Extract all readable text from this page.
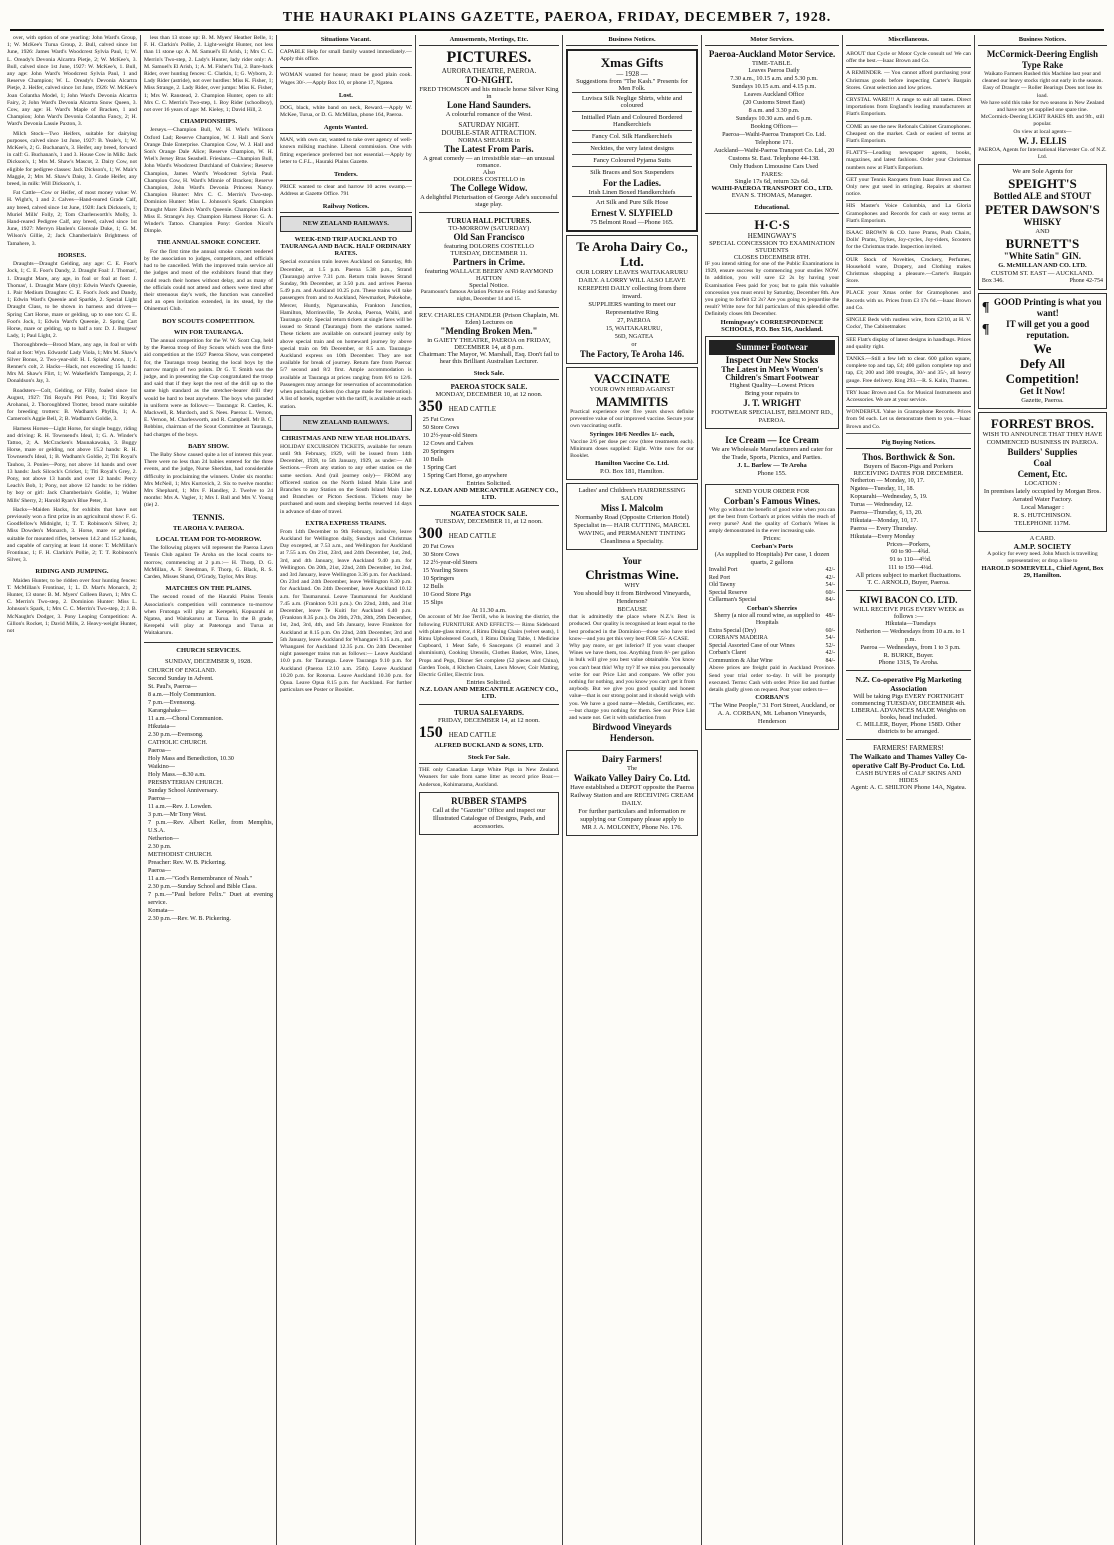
THE HAURAKI PLAINS GAZETTE, PAEROA, FRIDAY, DECEMBER 7, 1928.

over, with option of one yearling: John Ward's Group, 1; W. McKee's Turua Group, 2. Bull, calved since 1st June, 1926: James Ward's Woodcrest Sylvia Paul, 1; W. L. Oready's Devonia Alcartra Pietje, 2; W. McKee's, 3. Bull, calved since 1st June, 1927: W. McKee's, 1. Bull, any age: John Ward's Woodcrest Sylvia Paul, 1 and Reserve Champion; W. L. Oready's Devonia Alcartra Pietje, 2. Heifer, calved since 1st June, 1926: W. McKee's Joan Colantha Model, 1; John Ward's Devonia Alcartra Fairy, 2; John Ward's Devonia Alcartra Snow Queen, 3. Cow, any age: H. Ward's Maple of Bracken, 1 and Champion; John Ward's Devonia Colantha Fancy, 2; H. Ward's Devonia Lassie Paxton, 3.

Milch Stock—Two Heifers, suitable for dairying purposes, calved since 1st June, 1927: B. Yeale's, 1; W. McKee's, 2; G. Buchanan's, 3. Heifer, any breed, forward in calf: G. Buchanan's, 1 and 3. House Cow in Milk: Jack Dickson's, 1; Mrs M. Shaw's Mascot, 2. Dairy Cow, not eligible for pedigree classes: Jack Dickson's, 1; W. Mair's Maggie, 2; Mrs M. Shaw's Daisy, 3. Grade Heifer, any breed, in milk: Will Dickson's, 1.

Fat Cattle—Cow or Heifer, of most money value: W. H. Wight's, 1 and 2. Calves—Hand-reared Grade Calf, any breed, calved since 1st June, 1928: Jack Dickson's, 1; Muriel Mills' Folly, 2; Tom Charlesworth's Molly, 3. Hand-reared Pedigree Calf, any breed, calved since 1st June, 1927: Mervyn Hanlen's Glenvale Duke, 1; G. M. Wilson's Gillie, 2; Jack Chamberlain's Brightness of Tamahere, 3.

HORSES.

Draughts—Draught Gelding, any age: C. E. Foot's Jock, 1; C. E. Foot's Dandy, 2. Draught Foal: J. Thomas', 1. Draught Mare, any age, in foal or foal at foot: J. Thomas', 1. Draught Mare (dry): Edwin Ward's Queenie, 1. Pair Medium Draughts: C. E. Foot's Jock and Dandy, 1; Edwin Ward's Queenie and Sparkle, 2. Special Light Draught Class, to be shown in harness and driven—Spring Cart Horse, mare or gelding, up to one ton: C. E. Foot's Jock, 1; Edwin Ward's Queenie, 2. Spring Cart Horse, mare or gelding, up to half a ton: D. J. Burgess' Lady, 1; Paul Light, 2.

Thoroughbreds—Brood Mare, any age, in foal or with foal at foot: Wyn. Edwards' Lady Viola, 1; Mrs M. Shaw's Silver Bonus, 2. Two-year-old: H. I. Spinks' Anon, 1; J. Renner's colt, 2. Hacks—Hack, not exceeding 15 hands: Mrs M. Shaw's Flirt, 1; W. Wakefield's Tamponga, 2; J. Donaldson's Jay, 3.

Roadsters—Colt, Gelding, or Filly, foaled since 1st August, 1927: Titi Royal's Piri Pono, 1; Titi Royal's Arohanui, 2. Thoroughbred Trotter, brood mare suitable for breeding trotters: B. Wadham's Phyllis, 1; A. Cameron's Aggie Bell, 2; B. Wadham's Goldie, 3.

Harness Horses—Light Horse, for single buggy, riding and driving: R. H. Townsend's Ideal, 1; G. A. Winder's Tattoo, 2; A. McCracken's Maunakawaka, 3. Buggy Horse, mare or gelding, not above 15.2 hands: R. H. Townsend's Ideal, 1; B. Wadham's Goldie, 2; Titi Royal's Tauhou, 3. Ponies—Pony, not above 14 hands and over 13 hands: Jack Silcock's Cricket, 1; Titi Royal's Grey, 2. Pony, not above 13 hands and over 12 hands: Percy Leach's Bob, 1; Pony, not above 12 hands: to be ridden by boy or girl: Jack Chamberlain's Goldie, 1; Walter Mills' Sherry, 2; Harold Ryan's Blue Peter, 3.

Hacks—Maiden Hacks, for exhibits that have not previously won a first prize in an agricultural show: F. G. Goodfellow's Midnight, 1; T. T. Robinson's Silver, 2; Miss Dowden's Monarch, 3. Horse, mare or gelding, suitable for mounted rifles, between 14.2 and 15.2 hands, and capable of carrying at least 14 stone: T. McMillan's Frontinac, 1; F. H. Clarkin's Pollie, 2; T. T. Robinson's Silver, 3.

RIDING AND JUMPING.

Maiden Hunter, to be ridden over four hunting fences: T. McMillan's Frontinac, 1; L. D. Mart's Monarch, 2; Hunter, 13 stone: B. M. Myers' Colleen Bawn, 1; Mrs C. C. Merrin's Two-step, 2. Dominion Hunter: Miss L. Johnson's Spark, 1; Mrs C. C. Merrin's Two-step, 2; J. B. McNaught's Dodger, 3. Pony Leaping Competition: A. Gillon's Rocket, 1; David Mills, 2. Heavy-weight Hunter, not

less than 13 stone up: B. M. Myers' Heather Belle, 1; F. H. Clarkin's Pollie, 2. Light-weight Hunter, not less than 11 stone up: A. M. Samuel's El Arish, 1; Mrs C. C. Merrin's Two-step, 2. Lady's Hunter, lady rider only: A. M. Samuel's El Arish, 1; A. M. Fisher's Tui, 2. Bare-back Rider, over hunting fences: C. Clarkin, 1; G. Wyborn, 2. Lady Rider (astride), not over hurdles: Miss K. Fisher, 1; Miss Strange, 2. Lady Rider, over jumps: Miss K. Fisher, 1; Mrs W. Ranstead, 2. Champion Hunter, open to all: Mrs C. C. Merrin's Two-step, 1. Boy Rider (schoolboy), not over 16 years of age: M. Kieley, 1; David Hill, 2.

CHAMPIONSHIPS.

Jerseys.—Champion Bull, W. H. Wiel's Willoora Oxford Lad; Reserve Champion, W. J. Hall and Son's Orange Dale Enterprise. Champion Cow, W. J. Hall and Son's Orange Dale Alice; Reserve Champion, W. H. Wiel's Jersey Bras Seashell. Friesians.—Champion Bull, John Ward's Woodcrest Dutchland of Oakview; Reserve Champion, James Ward's Woodcrest Sylvia Paul. Champion Cow, H. Ward's Minnie of Bracken; Reserve Champion, John Ward's Devonia Princess Nancy. Champion Hunter: Mrs C. C. Merrin's Two-step. Dominion Hunter: Miss L. Johnson's Spark. Champion Draught Mare: Edwin Ward's Queenie. Champion Hack: Miss E. Strange's Joy. Champion Harness Horse: G. A. Winder's Tattoo. Champion Pony: Gordon Nicol's Dimple.

THE ANNUAL SMOKE CONCERT.

For the first time the annual smoke concert tendered by the association to judges, competitors, and officials had to be cancelled. With the improved train service all the judges and most of the exhibitors found that they could reach their homes without delay, and as many of the officials could not attend and others were tired after their strenuous day's work, the function was cancelled and an open invitation extended, in its stead, by the Ohinemuri Club.

BOY SCOUTS COMPETITION.
WIN FOR TAURANGA.

The annual competition for the W. W. Scott Cup, held by the Paeroa troop of Boy Scouts which won the first-aid competition at the 1927 Paeroa Show, was competed for, the Tauranga troop beating the local boys by the narrow margin of two points. Dr G. T. Smith was the judge, and in presenting the Cup congratulated the troop and said that if they kept the rest of the drill up to the same high standard as the stretcher-bearer drill they would be hard to beat anywhere. The boys who paraded in uniform were as follows:— Tauranga: R. Castles, K. Mackwell, R. Murdoch, and S. Nees. Paeroa: L. Vernon, E. Vernon, M. Charlesworth, and R. Campbell. Mr B. C. Robbins, chairman of the Scout Committee at Tauranga, had charges of the boys.

BABY SHOW.

The Baby Show caused quite a lot of interest this year. There were no less than 24 babies entered for the three events, and the judge, Nurse Sheridan, had considerable difficulty in proclaiming the winners. Under six months: Mrs McNeil, 1; Mrs Kurtovich, 2. Six to twelve months: Mrs Shephard, 1; Mrs F. Handley, 2. Twelve to 24 months: Mrs A. Vagler, 1; Mrs I. Ball and Mrs V. Young (tie) 2.

TENNIS.
TE AROHA V. PAEROA.
LOCAL TEAM FOR TO-MORROW.

The following players will represent the Paeroa Lawn Tennis Club against Te Aroha on the local courts to-morrow, commencing at 2 p.m.:— H. Thorp, D. G. McMillan, A. F. Steedman, F. Thorp, G. Black, R. S. Carden, Misses Shand, O'Grady, Taylor, Mrs Bray.

MATCHES ON THE PLAINS.

The second round of the Hauraki Plains Tennis Association's competition will commence to-morrow when Frutonga will play at Kerepehi, Kopuarahi at Ngatea, and Waitakaruru at Turua. In the B grade, Kerepehi will play at Patetonga and Turua at Waitakaruru.

CHURCH SERVICES.
SUNDAY, DECEMBER 9, 1928.
CHURCH OF ENGLAND.
Second Sunday in Advent.
St. Paul's, Paeroa—
8 a.m.—Holy Communion.
7 p.m.—Evensong.
Karangahake—
11 a.m.—Choral Communion.
Hikutaia—
2.30 p.m.—Evensong.
CATHOLIC CHURCH.
Paeroa—
Holy Mass and Benediction, 10.30
Waikino—
Holy Mass.—8.30 a.m.
PRESBYTERIAN CHURCH.
Sunday School Anniversary.
Paeroa—
11 a.m.—Rev. J. Lowden.
3 p.m.—Mr Tony West.
7 p.m.—Rev. Albert Keller, from Memphis, U.S.A.
Netherton—
2.30 p.m.
METHODIST CHURCH.
Preacher: Rev. W. B. Pickering.
Paeroa—
11 a.m.—"God's Remembrance of Noah."
2.30 p.m.—Sunday School and Bible Class.
7 p.m.—"Paul before Felix." Duet at evening service.
Komata—
2.30 p.m.—Rev. W. B. Pickering.
Situations Vacant.
CAPABLE Help for small family wanted immediately.—Apply this office.
WOMAN wanted for house; must be good plain cook. Wages 30/-.—Apply Box 10, or phone 17, Ngatea.
Lost.
DOG, black, white band on neck, Reward.—Apply W. McKee, Turua, or D. G. McMillan, phone 164, Paeroa.
Agents Wanted.
MAN, with own car, wanted to take over agency of well-known milking machine. Liberal commission. One with fitting experience preferred but not essential.—Apply by letter to C.F.L., Hauraki Plains Gazette.
Tenders.
PRICE wanted to clear and harrow 10 acres swamp.—Address at Gazette Office. 791
Railway Notices.
NEW ZEALAND RAILWAYS.
WEEK-END TRIP AUCKLAND TO TAURANGA AND BACK. HALF ORDINARY RATES.
Special excursion train leaves Auckland on Saturday, 8th December, at 1.5 p.m. Paeroa 5.38 p.m., Strand (Tauranga) arrive 7.31 p.m. Return train leaves Strand Sunday, 9th December, at 3.50 p.m. and arrives Paeroa 5.49 p.m. and Auckland 10.25 p.m. These trains will take passengers from and to Auckland, Newmarket, Pukekohe, Mercer, Huntly, Ngaruawahia, Frankton Junction, Hamilton, Morrinsville, Te Aroha, Paeroa, Waihi, and Tauranga only. Special return tickets at single fares will be issued to Strand (Tauranga) from the stations named. These tickets are available on outward journey only by above special train and on homeward journey by above special train on 9th December, or 8.5 a.m. Tauranga-Auckland express on 10th December. They are not available for break of journey. Return fare from Paeroa: 5/7 second and 8/2 first. Ample accommodation is available at Tauranga at prices ranging from 8/6 to 12/6. Passengers may arrange for reservation of accommodation when purchasing tickets (no charge made for reservation). A list of hotels, together with the tariff, is available at each station.
NEW ZEALAND RAILWAYS.
CHRISTMAS AND NEW YEAR HOLIDAYS.
HOLIDAY EXCURSION TICKETS, available for return until 9th February, 1929, will be issued from 14th December, 1928, to 5th January, 1929, as under:— All Sections.—From any station to any other station on the same section. And (rail journey only)— FROM any officered station on the North Island Main Line and Branches to any Station on the South Island Main Line and Branches or Picton Sections. Tickets may be purchased and seats and sleeping berths reserved 14 days in advance of date of travel.
EXTRA EXPRESS TRAINS.
From 14th December to 9th February, inclusive, leave Auckland for Wellington daily, Sundays and Christmas Day excepted, at 7.53 a.m., and Wellington for Auckland at 7.55 a.m. On 21st, 23rd, and 24th December, 1st, 2nd, 3rd, and 4th January, leave Auckland 9.40 p.m. for Wellington. On 20th, 21st, 22nd, 24th December, 1st 2nd, and 3rd January, leave Wellington 3.36 p.m. for Auckland. On 23rd and 24th December, leave Wellington 8.30 p.m. for Auckland. On 24th December, leave Auckland 10.12 a.m. for Taumarunui. Leave Taumarunui for Auckland 7.45 a.m. (Frankton 9.31 p.m.). On 22nd, 24th, and 31st December, leave Te Kuiti for Auckland 6.40 p.m. (Frankton 8.35 p.m.). On 26th, 27th, 28th, 29th December, 1st, 2nd, 3rd, 4th, and 5th January, leave Frankton for Auckland at 8.15 p.m. On 22nd, 24th December, 3rd and 5th January, leave Auckland for Whangarei 9.15 a.m., and Whangarei for Auckland 12.35 p.m. On 24th December night passenger trains run as follows:— Leave Auckland 10.0 p.m. for Tauranga. Leave Tauranga 9.10 p.m. for Auckland (Paeroa 12.10 a.m. 25th). Leave Auckland 10.20 p.m. for Rotorua. Leave Auckland 10.30 p.m. for Opua. Leave Opua 8.15 p.m. for Auckland. For further particulars see Poster or Booklet.
Amusements, Meetings, Etc.
PICTURES.
AURORA THEATRE, PAEROA.
TO-NIGHT.
FRED THOMSON and his miracle horse Silver King in
Lone Hand Saunders.
A colourful romance of the West.
SATURDAY NIGHT.
DOUBLE-STAR ATTRACTION.
NORMA SHEARER in
The Latest From Paris.
A great comedy — an irresistible star—an unusual romance.
Also
DOLORES COSTELLO in
The College Widow.
A delightful Picturisation of George Ade's successful stage play.
TURUA HALL PICTURES.
TO-MORROW (SATURDAY)
Old San Francisco
featuring DOLORES COSTELLO
TUESDAY, DECEMBER 11.
Partners in Crime.
featuring WALLACE BEERY AND RAYMOND HATTON
Special Notice.
Paramount's famous Aviation Picture on Friday and Saturday nights, December 14 and 15.
REV. CHARLES CHANDLER (Prison Chaplain, Mt. Eden) Lectures on
"Mending Broken Men."
in GAIETY THEATRE, PAEROA on FRIDAY, DECEMBER 14, at 8 p.m.
Chairman: The Mayor, W. Marshall, Esq. Don't fail to hear this Brilliant Australian Lecturer.
Stock Sale.
PAEROA STOCK SALE.
MONDAY, DECEMBER 10, at 12 noon.
350 HEAD CATTLE
25 Fat Cows
50 Store Cows
10 2½-year-old Steers
12 Cows and Calves
20 Springers
10 Bulls
1 Spring Cart
1 Spring Cart Horse, go anywhere
Entries Solicited.
N.Z. LOAN AND MERCANTILE AGENCY CO., LTD.
NGATEA STOCK SALE.
TUESDAY, DECEMBER 11, at 12 noon.
300 HEAD CATTLE
20 Fat Cows
30 Store Cows
12 2½-year-old Steers
15 Yearling Steers
10 Springers
12 Bulls
10 Good Store Pigs
15 Slips
At 11.30 a.m.
On account of Mr Joe Terrill, who is leaving the district, the following FURNITURE AND EFFECTS:— Rimu Sideboard with plate-glass mirror, 4 Rimu Dining Chairs (velvet seats), 1 Rimu Upholstered Couch, 1 Rimu Dining Table, 1 Medicine Cupboard, 1 Meat Safe, 6 Saucepans (3 enamel and 3 aluminium), Cooking Utensils, Clothes Basket, Wire, Lines, Props and Pegs, Dinner Set complete (52 pieces and China), Garden Tools, 4 Kitchen Chairs, Lawn Mower, Coir Matting, Electric Griller, Electric Iron.
Entries Solicited.
N.Z. LOAN AND MERCANTILE AGENCY CO., LTD.
TURUA SALEYARDS.
FRIDAY, DECEMBER 14, at 12 noon.
150 HEAD CATTLE
ALFRED BUCKLAND & SONS, LTD.
Stock For Sale.
THE only Canadian Large White Pigs in New Zealand. Weaners for sale from same litter as record price Boar.— Anderson, Kohimarama, Auckland.
RUBBER STAMPS
Call at the "Gazette" Office and inspect our Illustrated Catalogue of Designs, Pads, and accessories.
Business Notices.
Xmas Gifts
— 1928 —
Suggestions from "The Kash." Presents for Men Folk.
Luvisca Silk Neglige Shirts, white and coloured
Initialled Plain and Coloured Bordered Handkerchiefs
Fancy Col. Silk Handkerchiefs
Neckties, the very latest designs
Fancy Coloured Pyjama Suits
Silk Braces and Sox Suspenders
For the Ladies.
Irish Linen Boxed Handkerchiefs
Art Silk and Pure Silk Hose
Ernest V. SLYFIELD
75 Belmont Road —Phone 165.
Te Aroha Dairy Co., Ltd.
OUR LORRY LEAVES WAITAKARURU DAILY. A LORRY WILL ALSO LEAVE KEREPEHI DAILY collecting from there inward.
SUPPLIERS wanting to meet our Representative Ring
27, PAEROA
15, WAITAKARURU,
56D, NGATEA
or
The Factory, Te Aroha 146.
VACCINATE
YOUR OWN HERD AGAINST
MAMMITIS
Practical experience over five years shows definite preventive value of our improved vaccine. Secure your own vaccinating outfit.
Syringes 10/6 Needles 1/- each,
Vaccine 2/6 per dose per cow (three treatments each). Minimum doses supplied: Eight. Write now for our Booklet.
Hamilton Vaccine Co. Ltd.
P.O. Box 181, Hamilton.
Ladies' and Children's HAIRDRESSING SALON
Miss I. Malcolm
Normanby Road (Opposite Criterion Hotel)
Specialist in— HAIR CUTTING, MARCEL WAVING, and PERMANENT TINTING
Cleanliness a Speciality.
Your
Christmas Wine.
WHY
You should buy it from Birdwood Vineyards, Henderson?
BECAUSE
that is admittedly the place where N.Z.'s Best is produced. Our quality is recognised at least equal to the best produced in the Dominion—those who have tried know—and you get this very best FOR 55/- A CASE.
Why pay more, or get inferior? If you want cheaper Wines we have them, too. Anything from 8/- per gallon in bulk will give you best value obtainable. You know you can't beat this! Why try? If we miss you personally write for our Price List and compare. We offer you nothing for nothing, and you know you can't get it from anybody. But we give you good quality and honest value—that is our strong point and it should weigh with you. We have a good name—Medals, Certificates, etc.—but charge you nothing for them. See our Price List and waste not. Get it with satisfaction from
Birdwood Vineyards Henderson.
Dairy Farmers!
The
Waikato Valley Dairy Co. Ltd.
Have established a DEPOT opposite the Paeroa Railway Station and are RECEIVING CREAM DAILY.
For further particulars and information re supplying our Company please apply to
MR J. A. MOLONEY, Phone No. 176.
Motor Services.
Paeroa-Auckland Motor Service.
TIME-TABLE.
Leaves Paeroa Daily
7.30 a.m., 10.15 a.m. and 5.30 p.m.
Sundays 10.15 a.m. and 4.15 p.m.
Leaves Auckland Office
(20 Customs Street East)
8 a.m. and 3.30 p.m.
Sundays 10.30 a.m. and 6 p.m.
Booking Offices—
Paeroa—Waihi-Paeroa Transport Co. Ltd. Telephone 171.
Auckland—Waihi-Paeroa Transport Co. Ltd., 20 Customs St. East. Telephone 44-138.
Only Hudson Limousine Cars Used
FARES:
Single 17s 6d, return 32s 6d.
WAIHI-PAEROA TRANSPORT CO., LTD.
EVAN S. THOMAS, Manager.
Educational.
H·C·S
HEMINGWAY'S
SPECIAL CONCESSION TO EXAMINATION STUDENTS
CLOSES DECEMBER 8TH.
IF you intend sitting for one of the Public Examinations in 1929, ensure success by commencing your studies NOW. In addition, you will save £2 2s by having your Examination Fees paid for you; but to gain this valuable concession you must enrol by Saturday, December 8th. Are you going to forfeit £2 2s? Are you going to jeopardise the result? Write now for full particulars of this splendid offer. Definitely closes 8th December.
Hemingway's CORRESPONDENCE SCHOOLS, P.O. Box 516, Auckland.
Summer Footwear
Inspect Our New Stocks
The Latest in Men's Women's Children's Smart Footwear
Highest Quality—Lowest Prices
Bring your repairs to
J. T. WRIGHT
FOOTWEAR SPECIALIST, BELMONT RD., PAEROA.
Ice Cream — Ice Cream
We are Wholesale Manufacturers and cater for the Trade, Sports, Picnics, and Parties.
J. L. Barlow — Te Aroha
Phone 155.
SEND YOUR ORDER FOR
Corban's Famous Wines.
Why go without the benefit of good wine when you can get the best from Corban's at prices within the reach of every purse? And the quality of Corban's Wines is amply demonstrated in the ever increasing sale.
Prices:
Corban's Ports
(As supplied to Hospitals) Per case, 1 dozen quarts, 2 gallons
Invalid Port	42/-
Red Port	42/-
Old Tawny	54/-
Special Reserve	60/-
Cellarman's Special	84/-
Corban's Sherries
Sherry (a nice all round wine, as supplied to Hospitals
48/-
Extra Special (Dry)	60/-
CORBAN'S MADEIRA	54/-
Special Assorted Case of our Wines	52/-
Corban's Claret	42/-
Communion & Altar Wine	84/-
Above prices are freight paid in Auckland Province. Send your trial order to-day. It will be promptly executed. Terms: Cash with order. Price list and further details gladly given on request. Post your orders to—
CORBAN'S
"The Wine People," 31 Fort Street, Auckland, or A. A. CORBAN, Mt. Lebanon Vineyards, Henderson
Miscellaneous.
ABOUT that Cycle or Motor Cycle consult us! We can offer the best.—Isaac Brown and Co.
A REMINDER. — You cannot afford purchasing your Christmas goods before inspecting Carter's Bargain Stores. Great selection and low prices.
CRYSTAL WARE!!! A range to suit all tastes. Direct importations from England's leading manufacturers at Flatt's Emporium.
COME an see the new Refonals Cabinet Gramophones. Cheapest on the market. Cash or easiest of terms at Flatt's Emporium.
FLATT'S—Leading newspaper agents, books, magazines, and latest fashions. Order your Christmas numbers now at Flatt's Emporium.
GET your Tennis Racquets from Isaac Brown and Co. Only new gut used in stringing. Repairs at shortest notice.
HIS Master's Voice Columbia, and La Gloria Gramophones and Records for cash or easy terms at Flatt's Emporium.
ISAAC BROWN & CO. have Prams, Push Chairs, Dolls' Prams, Trykes, Joy-cycles, Joy-riders, Scooters for the Christmas trade. Inspection invited.
OUR Stock of Novelties, Crockery, Perfumes, Household ware, Drapery, and Clothing makes Christmas shopping a pleasure.—Carter's Bargain Store.
PLACE your Xmas order for Gramophones and Records with us. Prices from £3 17s 6d.—Isaac Brown and Co.
SINGLE Beds with rustless wire, from £2/10, at H. V. Cocks', The Cabinetmaker.
SEE Flatt's display of latest designs in handbags. Prices and quality right.
TANKS.—Still a few left to clear. 600 gallon square, complete top and tap, £4; 400 gallon complete top and tap, £3; 200 and 300 troughs, 30/- and 35/-, all heavy gauge. Free delivery. Ring 293.—R. S. Kalin, Thames.
TRY Isaac Brown and Co. for Musical Instruments and Accessories. We are at your service.
WONDERFUL Value in Gramophone Records. Prices from 9d each. Let us demonstrate them to you.—Isaac Brown and Co.
Pig Buying Notices.
Thos. Borthwick & Son.
Buyers of Bacon-Pigs and Porkers
RECEIVING DATES FOR DECEMBER.
Netherton — Monday, 10, 17.
Ngatea—Tuesday, 11, 18.
Kopuarahi—Wednesday, 5, 19.
Turua — Wednesday, 12.
Paeroa—Thursday, 6, 13, 20.
Hikutaia—Monday, 10, 17.
Paeroa — Every Thursday.
Hikutaia—Every Monday
Prices—Porkers,
60 to 90—4¾d.
91 to 110—4½d.
111 to 150—4¼d.
All prices subject to market fluctuations.
T. C. ARNOLD, Buyer, Paeroa.
KIWI BACON CO. LTD.
WILL RECEIVE PIGS EVERY WEEK as follows :—
Hikutaia—Tuesdays
Netherton — Wednesdays from 10 a.m. to 1 p.m.
Paeroa — Wednesdays, from 1 to 3 p.m.
R. BURKE, Buyer.
Phone 131S, Te Aroha.
N.Z. Co-operative Pig Marketing Association
Will be taking Pigs EVERY FORTNIGHT commencing TUESDAY, DECEMBER 4th.
LIBERAL ADVANCES MADE Weights on books, head included.
C. MILLER, Buyer, Phone 158D. Other districts to be arranged.
FARMERS! FARMERS!
The Waikato and Thames Valley Co-operative Calf By-Product Co. Ltd.
CASH BUYERS of CALF SKINS AND HIDES
Agent: A. C. SHILTON Phone 14A, Ngatea.
Business Notices.
McCormick-Deering English Type Rake
Waikato Farmers Rushed this Machine last year and cleaned our heavy stocks right out early in the season.
Easy of Draught — Roller Bearings Does not lose its load.
We have sold this rake for two seasons in New Zealand and have not yet supplied one spare tine.
McCormick-Deering LIGHT RAKES 8ft. and 9ft., still popular.
On view at local agents—
W. J. ELLIS
PAEROA, Agents for International Harvester Co. of N.Z. Ltd.
We are Sole Agents for
SPEIGHT'S
Bottled ALE and STOUT
PETER DAWSON'S
WHISKY
AND
BURNETT'S
"White Satin" GIN.
G. McMILLAN AND CO. LTD.
CUSTOM ST. EAST — AUCKLAND.
Box 346.	Phone 42-754
¶ GOOD Printing is what you want!
¶	IT will get you a good reputation.
We
Defy All
Competition!
Get It Now!
Gazette, Paeroa.
FORREST BROS.
WISH TO ANNOUNCE THAT THEY HAVE COMMENCED BUSINESS IN PAEROA.
Builders' Supplies
Coal
Cement, Etc.
LOCATION :
In premises lately occupied by Morgan Bros. Aerated Water Factory.
Local Manager :
R. S. HUTCHINSON.
TELEPHONE 117M.
A CARD.
A.M.P. SOCIETY
A policy for every need. John Murch is travelling representative; or drop a line to
HAROLD SOMERVELL, Chief Agent, Box 29, Hamilton.
